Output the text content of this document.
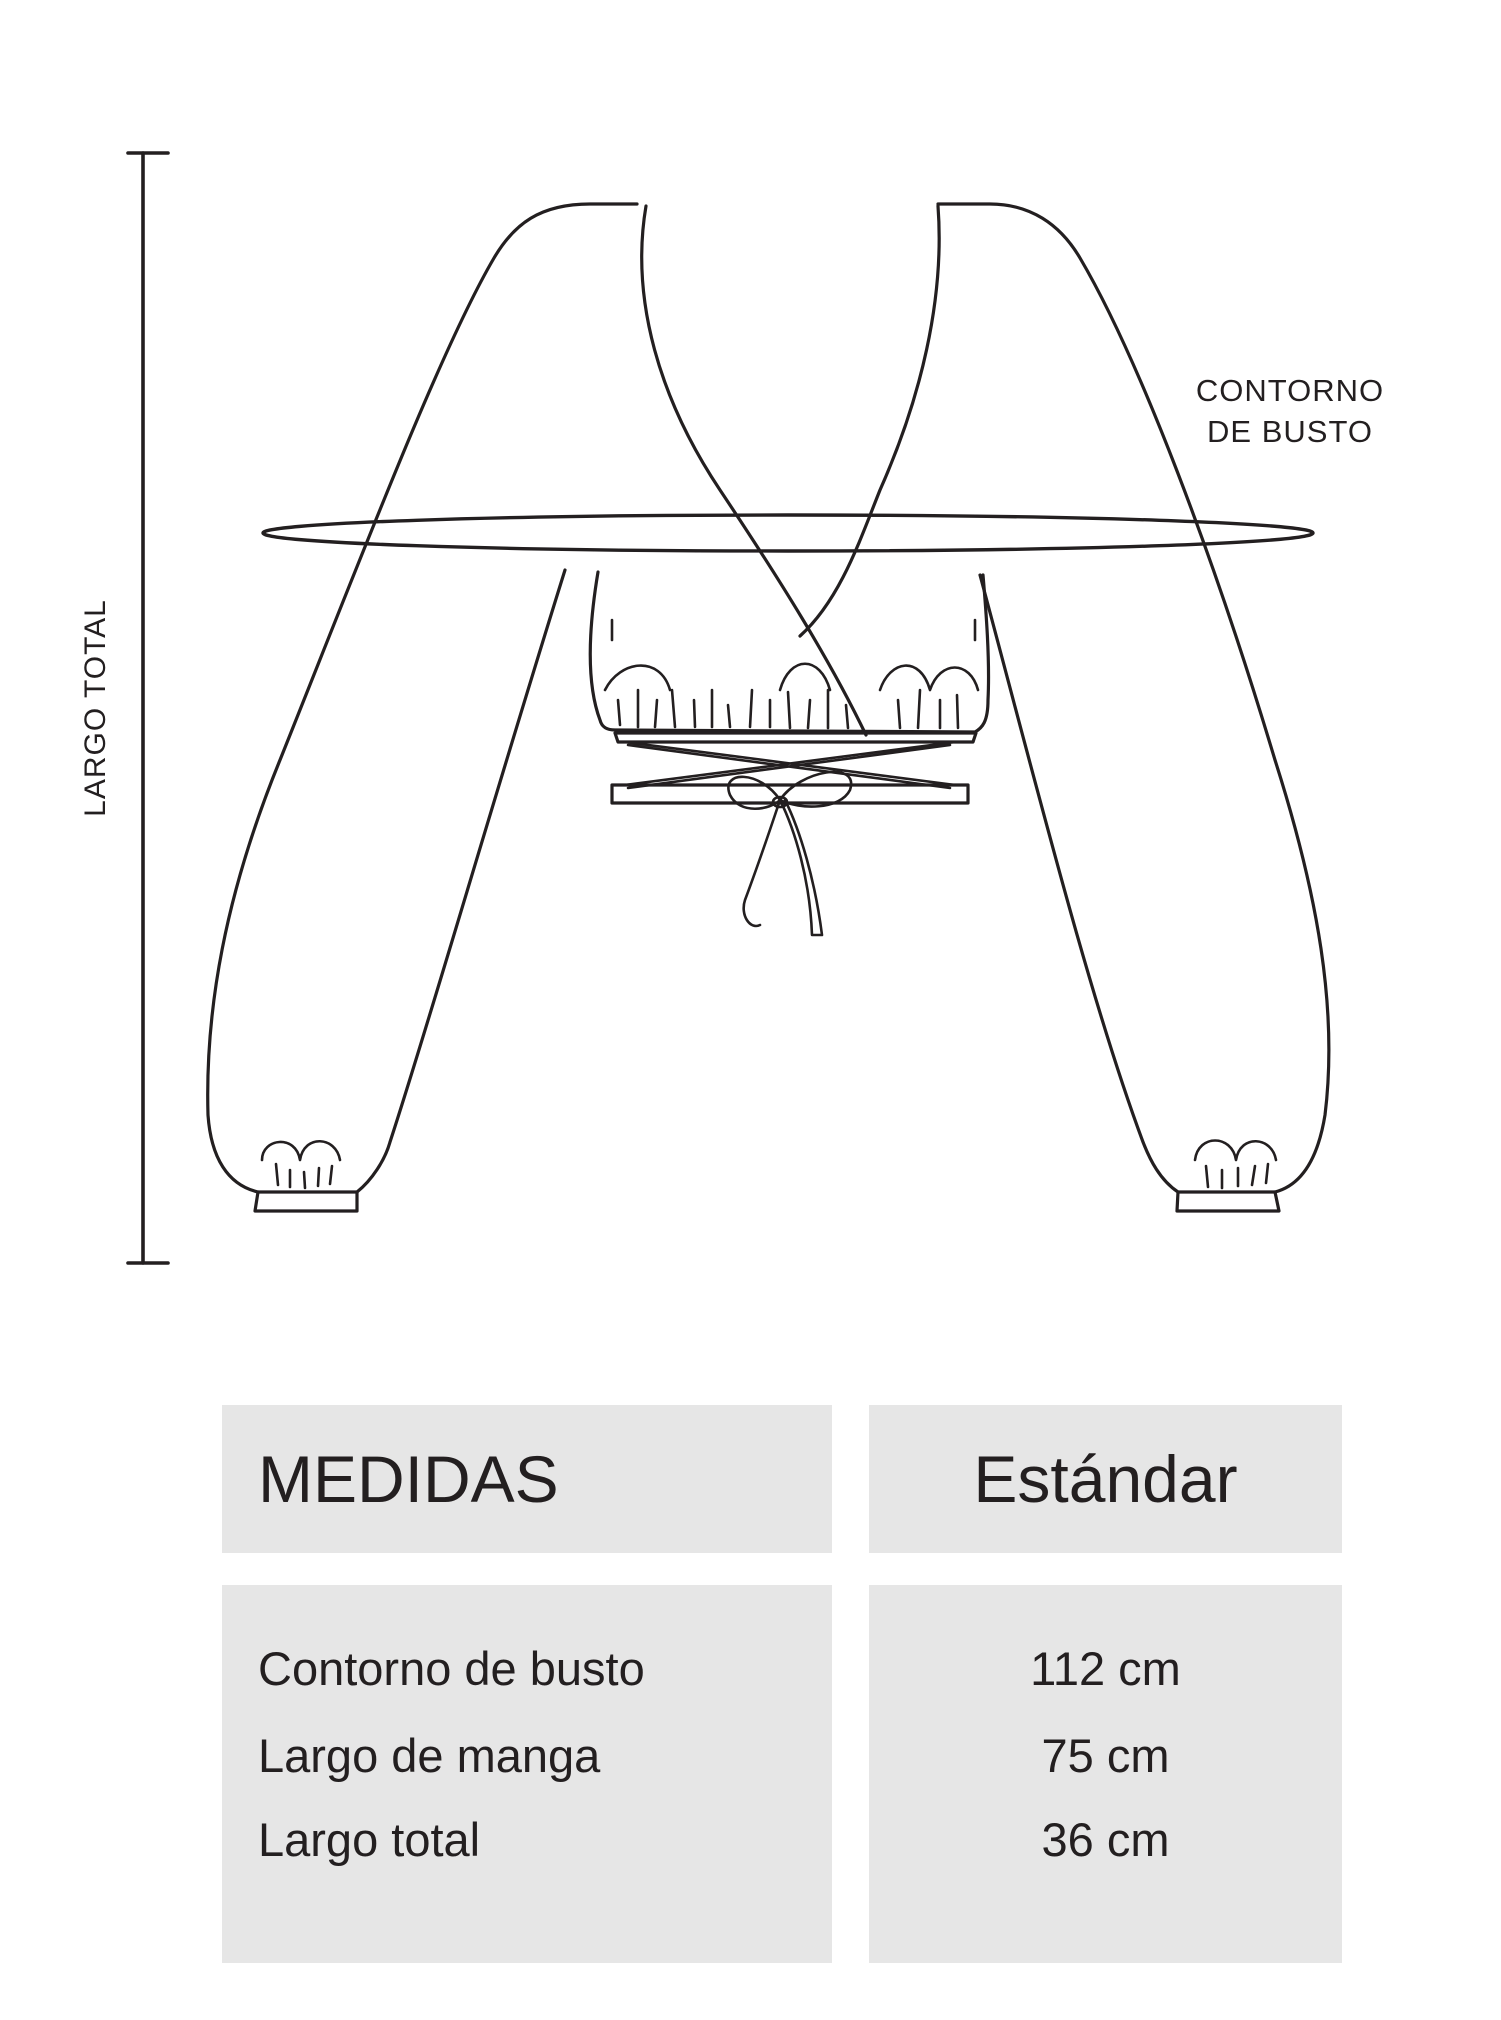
LARGO TOTAL
CONTORNO
DE BUSTO
MEDIDAS	Estándar
Contorno de busto
Largo de manga
Largo total
112 cm
75 cm
36 cm
